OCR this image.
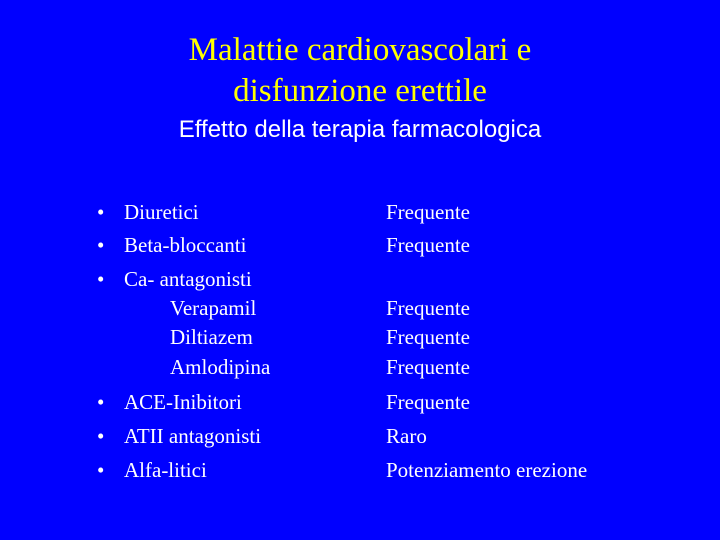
Malattie cardiovascolari e
disfunzione erettile
Effetto della terapia farmacologica
• Diuretici	Frequente
• Beta-bloccanti	Frequente
• Ca- antagonisti
Verapamil	Frequente
Diltiazem	Frequente
Amlodipina	Frequente
• ACE-Inibitori	Frequente
• ATII antagonisti	Raro
• Alfa-litici	Potenziamento erezione
